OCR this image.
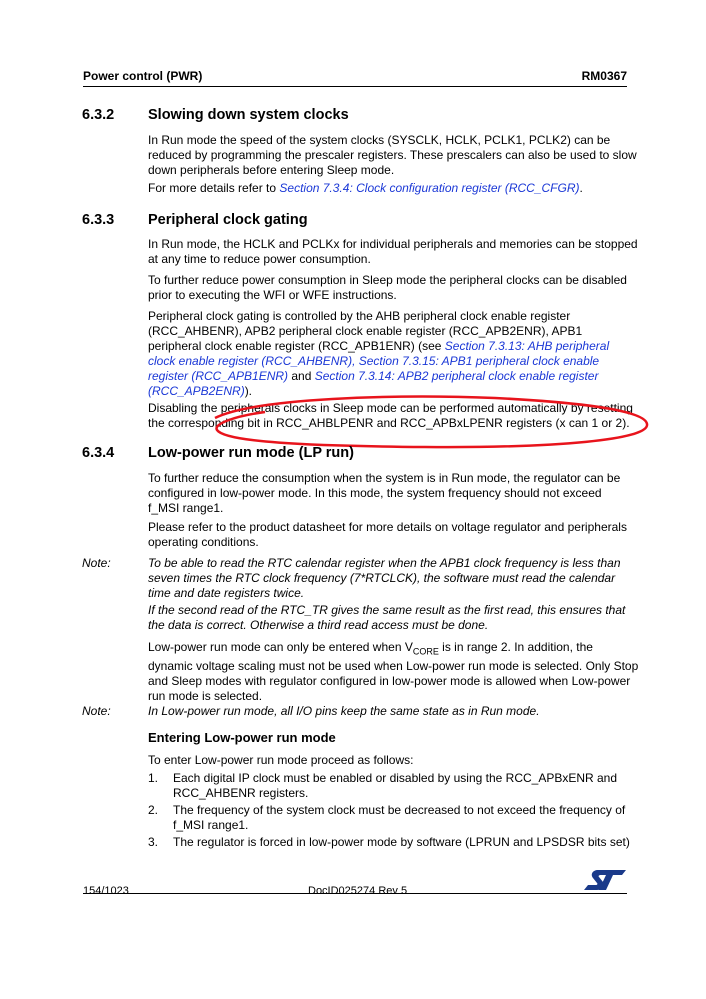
Power control (PWR)	RM0367
6.3.2 Slowing down system clocks
In Run mode the speed of the system clocks (SYSCLK, HCLK, PCLK1, PCLK2) can be
reduced by programming the prescaler registers. These prescalers can also be used to slow
down peripherals before entering Sleep mode.
For more details refer to Section 7.3.4: Clock configuration register (RCC_CFGR).
6.3.3 Peripheral clock gating
In Run mode, the HCLK and PCLKx for individual peripherals and memories can be stopped
at any time to reduce power consumption.
To further reduce power consumption in Sleep mode the peripheral clocks can be disabled
prior to executing the WFI or WFE instructions.
Peripheral clock gating is controlled by the AHB peripheral clock enable register
(RCC_AHBENR), APB2 peripheral clock enable register (RCC_APB2ENR), APB1
peripheral clock enable register (RCC_APB1ENR) (see Section 7.3.13: AHB peripheral
clock enable register (RCC_AHBENR), Section 7.3.15: APB1 peripheral clock enable
register (RCC_APB1ENR) and Section 7.3.14: APB2 peripheral clock enable register
(RCC_APB2ENR)).
Disabling the peripherals clocks in Sleep mode can be performed automatically by resetting
the corresponding bit in RCC_AHBLPENR and RCC_APBxLPENR registers (x can 1 or 2).
6.3.4 Low-power run mode (LP run)
To further reduce the consumption when the system is in Run mode, the regulator can be
configured in low-power mode. In this mode, the system frequency should not exceed
f_MSI range1.
Please refer to the product datasheet for more details on voltage regulator and peripherals
operating conditions.
Note:	To be able to read the RTC calendar register when the APB1 clock frequency is less than
seven times the RTC clock frequency (7*RTCLCK), the software must read the calendar
time and date registers twice.
If the second read of the RTC_TR gives the same result as the first read, this ensures that
the data is correct. Otherwise a third read access must be done.
Low-power run mode can only be entered when $V_{CORE}$ is in range 2. In addition, the
dynamic voltage scaling must not be used when Low-power run mode is selected. Only Stop
and Sleep modes with regulator configured in low-power mode is allowed when Low-power
run mode is selected.
Note:	In Low-power run mode, all I/O pins keep the same state as in Run mode.
Entering Low-power run mode
To enter Low-power run mode proceed as follows:
1. Each digital IP clock must be enabled or disabled by using the RCC_APBxENR and
RCC_AHBENR registers.
2. The frequency of the system clock must be decreased to not exceed the frequency of
f_MSI range1.
3. The regulator is forced in low-power mode by software (LPRUN and LPSDSR bits set)
154/1023	DocID025274 Rev 5
